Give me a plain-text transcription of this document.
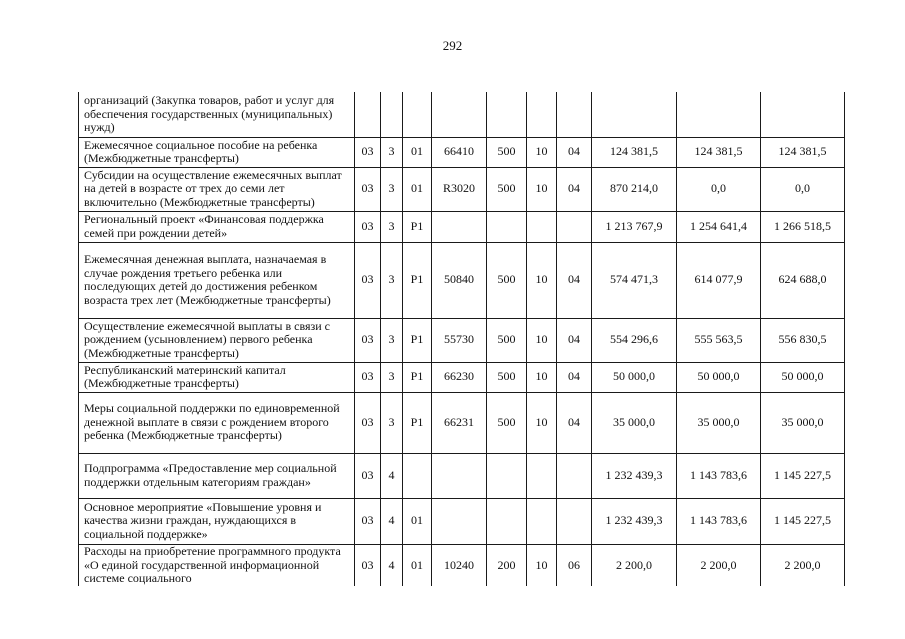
292
организаций (Закупка товаров, работ и услуг для обеспечения государственных (муниципальных) нужд)										
Ежемесячное социальное пособие на ребенка (Межбюджетные трансферты)	03	3	01	66410	500	10	04	124 381,5	124 381,5	124 381,5
Субсидии на осуществление ежемесячных выплат на детей в возрасте от трех до семи лет включительно (Межбюджетные трансферты)	03	3	01	R3020	500	10	04	870 214,0	0,0	0,0
Региональный проект «Финансовая поддержка семей при рождении детей»	03	3	P1					1 213 767,9	1 254 641,4	1 266 518,5
Ежемесячная денежная выплата, назначаемая в случае рождения третьего ребенка или последующих детей до достижения ребенком возраста трех лет (Межбюджетные трансферты)	03	3	P1	50840	500	10	04	574 471,3	614 077,9	624 688,0
Осуществление ежемесячной выплаты в связи с рождением (усыновлением) первого ребенка (Межбюджетные трансферты)	03	3	P1	55730	500	10	04	554 296,6	555 563,5	556 830,5
Республиканский материнский капитал (Межбюджетные трансферты)	03	3	P1	66230	500	10	04	50 000,0	50 000,0	50 000,0
Меры социальной поддержки по единовременной денежной выплате в связи с рождением второго ребенка (Межбюджетные трансферты)	03	3	P1	66231	500	10	04	35 000,0	35 000,0	35 000,0
Подпрограмма «Предоставление мер социальной поддержки отдельным категориям граждан»	03	4						1 232 439,3	1 143 783,6	1 145 227,5
Основное мероприятие «Повышение уровня и качества жизни граждан, нуждающихся в социальной поддержке»	03	4	01					1 232 439,3	1 143 783,6	1 145 227,5
Расходы на приобретение программного продукта «О единой государственной информационной системе социального	03	4	01	10240	200	10	06	2 200,0	2 200,0	2 200,0
